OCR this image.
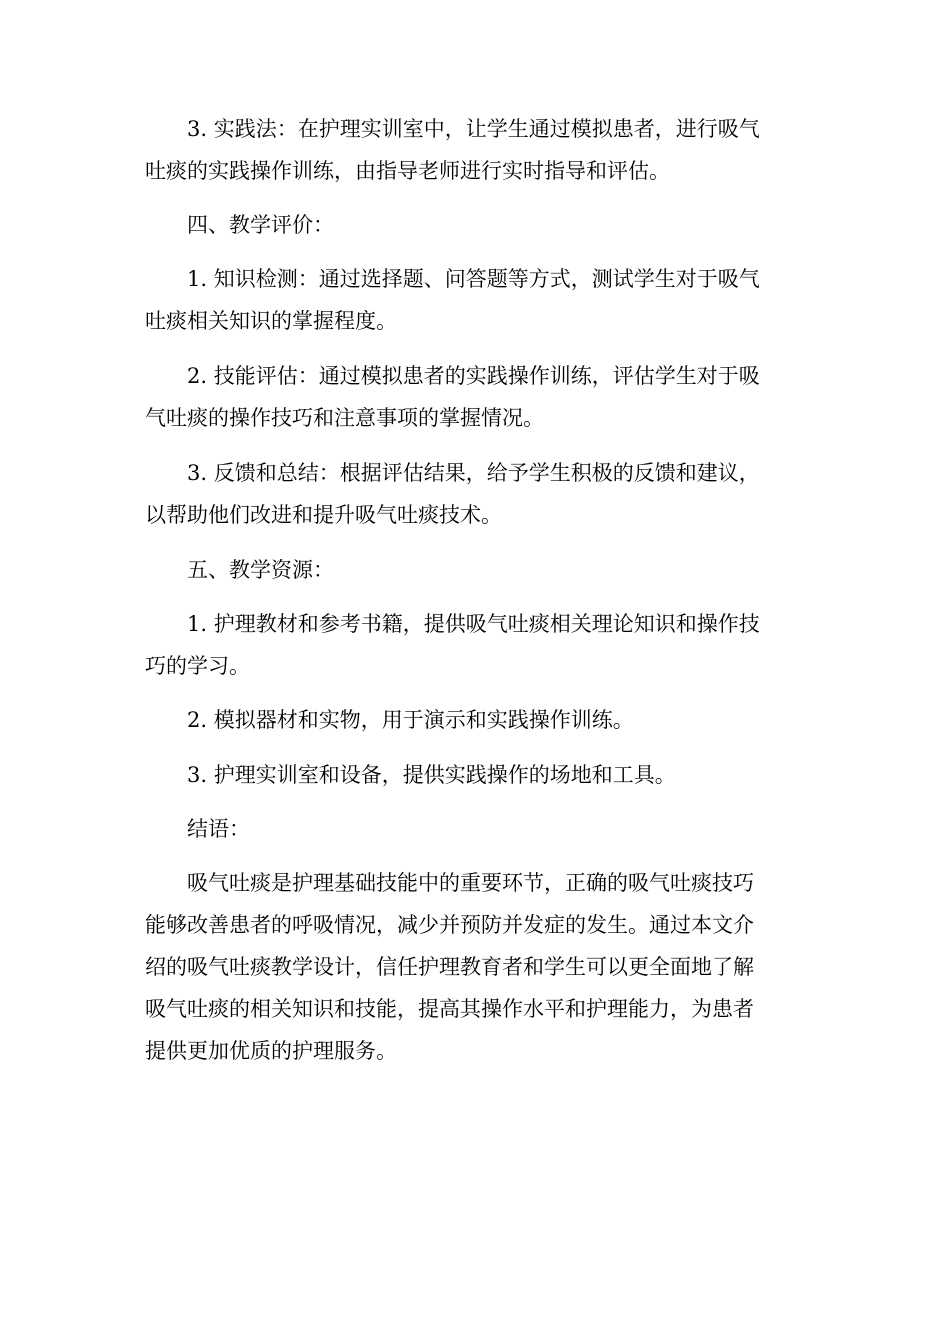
3. 实践法：在护理实训室中，让学生通过模拟患者，进行吸气
吐痰的实践操作训练，由指导老师进行实时指导和评估。
四、教学评价：
1. 知识检测：通过选择题、问答题等方式，测试学生对于吸气
吐痰相关知识的掌握程度。
2. 技能评估：通过模拟患者的实践操作训练，评估学生对于吸
气吐痰的操作技巧和注意事项的掌握情况。
3. 反馈和总结：根据评估结果，给予学生积极的反馈和建议，
以帮助他们改进和提升吸气吐痰技术。
五、教学资源：
1. 护理教材和参考书籍，提供吸气吐痰相关理论知识和操作技
巧的学习。
2. 模拟器材和实物，用于演示和实践操作训练。
3. 护理实训室和设备，提供实践操作的场地和工具。
结语：
吸气吐痰是护理基础技能中的重要环节，正确的吸气吐痰技巧
能够改善患者的呼吸情况，减少并预防并发症的发生。通过本文介
绍的吸气吐痰教学设计，信任护理教育者和学生可以更全面地了解
吸气吐痰的相关知识和技能，提高其操作水平和护理能力，为患者
提供更加优质的护理服务。
